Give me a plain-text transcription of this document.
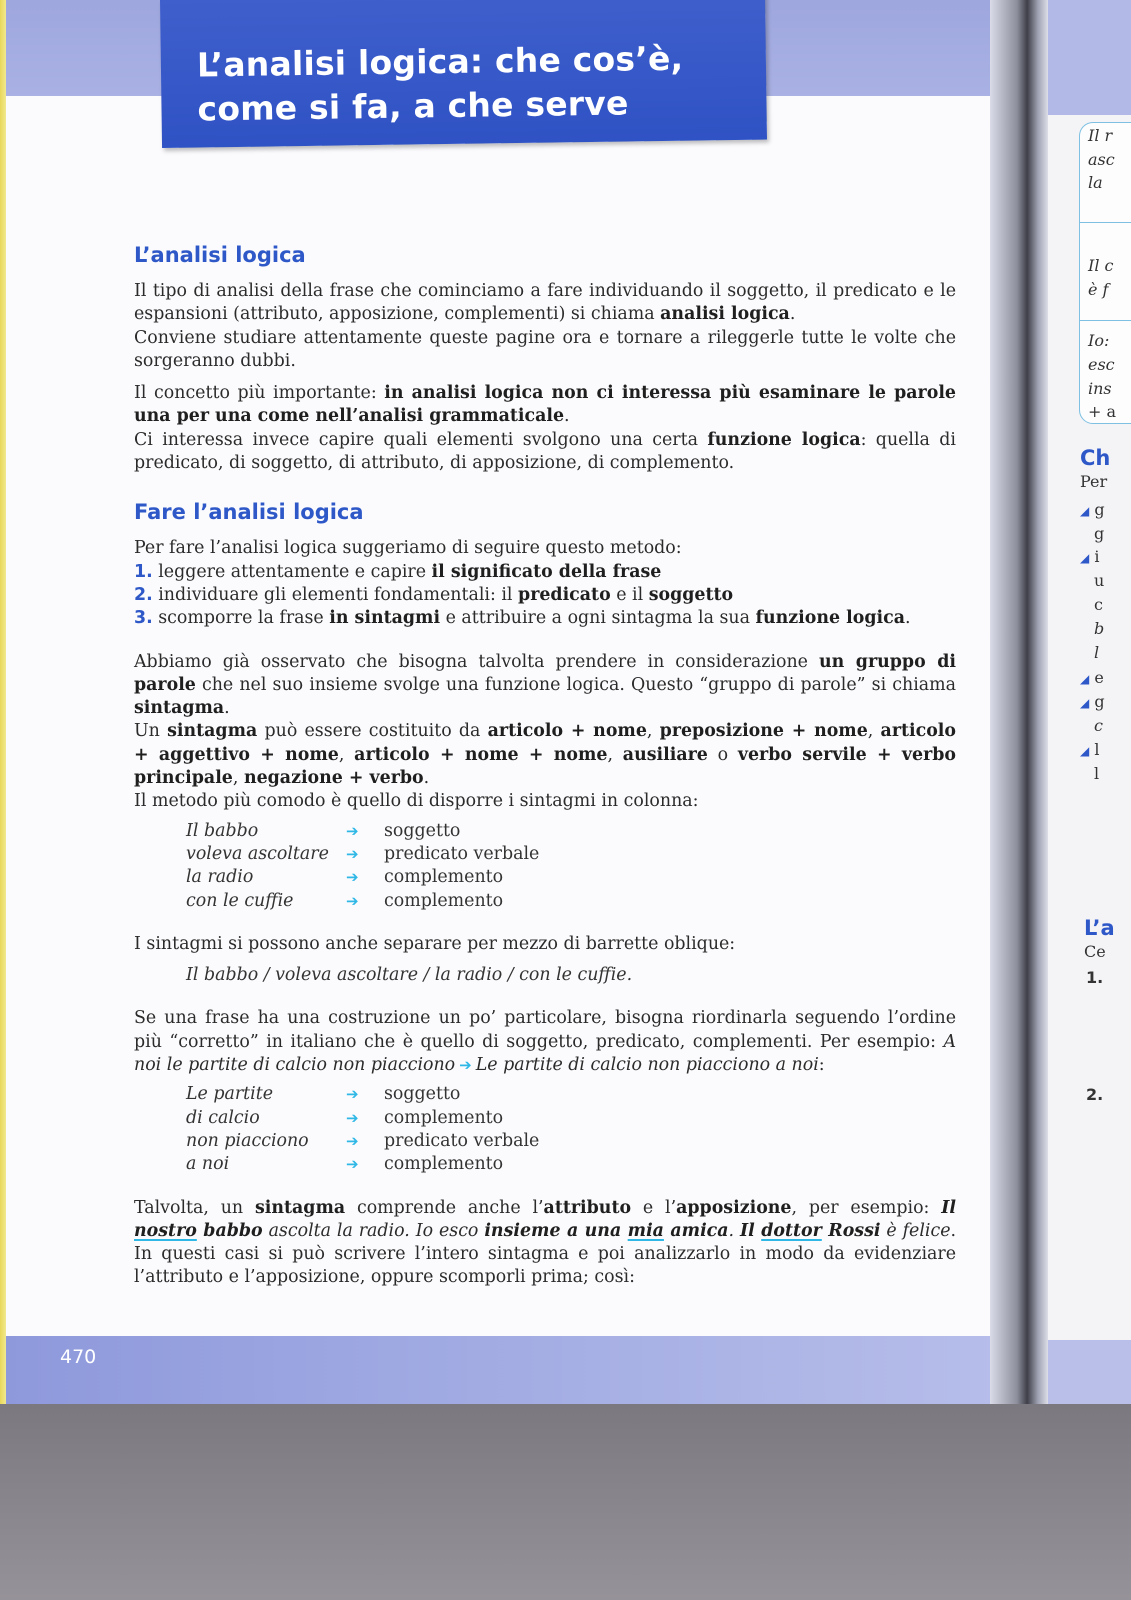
L’analisi logica: che cos’è,
come si fa, a che serve
L’analisi logica

Il tipo di analisi della frase che cominciamo a fare individuando il soggetto, il predicato e le espansioni (attributo, apposizione, complementi) si chiama analisi logica.
Conviene studiare attentamente queste pagine ora e tornare a rileggerle tutte le volte che sorgeranno dubbi.

Il concetto più importante: in analisi logica non ci interessa più esaminare le parole una per una come nell’analisi grammaticale.
Ci interessa invece capire quali elementi svolgono una certa funzione logica: quella di predicato, di soggetto, di attributo, di apposizione, di complemento.

Fare l’analisi logica

Per fare l’analisi logica suggeriamo di seguire questo metodo:

1. leggere attentamente e capire il significato della frase
2. individuare gli elementi fondamentali: il predicato e il soggetto
3. scomporre la frase in sintagmi e attribuire a ogni sintagma la sua funzione logica.

Abbiamo già osservato che bisogna talvolta prendere in considerazione un gruppo di parole che nel suo insieme svolge una funzione logica. Questo “gruppo di parole” si chiama sintagma.
Un sintagma può essere costituito da articolo + nome, preposizione + nome, articolo + aggettivo + nome, articolo + nome + nome, ausiliare o verbo servile + verbo principale, negazione + verbo.
Il metodo più comodo è quello di disporre i sintagmi in colonna:

Il babbo	➔	soggetto
voleva ascoltare	➔	predicato verbale
la radio	➔	complemento
con le cuffie	➔	complemento

I sintagmi si possono anche separare per mezzo di barrette oblique:

Il babbo / voleva ascoltare / la radio / con le cuffie.

Se una frase ha una costruzione un po’ particolare, bisogna riordinarla seguendo l’ordine più “corretto” in italiano che è quello di soggetto, predicato, complementi. Per esempio: A noi le partite di calcio non piacciono ➔ Le partite di calcio non piacciono a noi:

Le partite	➔	soggetto
di calcio	➔	complemento
non piacciono	➔	predicato verbale
a noi	➔	complemento

Talvolta, un sintagma comprende anche l’attributo e l’apposizione, per esempio: Il nostro babbo ascolta la radio. Io esco insieme a una mia amica. Il dottor Rossi è felice. In questi casi si può scrivere l’intero sintagma e poi analizzarlo in modo da evidenziare l’attributo e l’apposizione, oppure scomporli prima; così:

470
Il r
asc
la
Il c
è f
Io:
esc
ins
+ a
Ch
Per
◢ g
g
◢ i
u
c
b
l
◢ e
◢ g
c
◢ l
l
L’a
Ce
1.
2.
